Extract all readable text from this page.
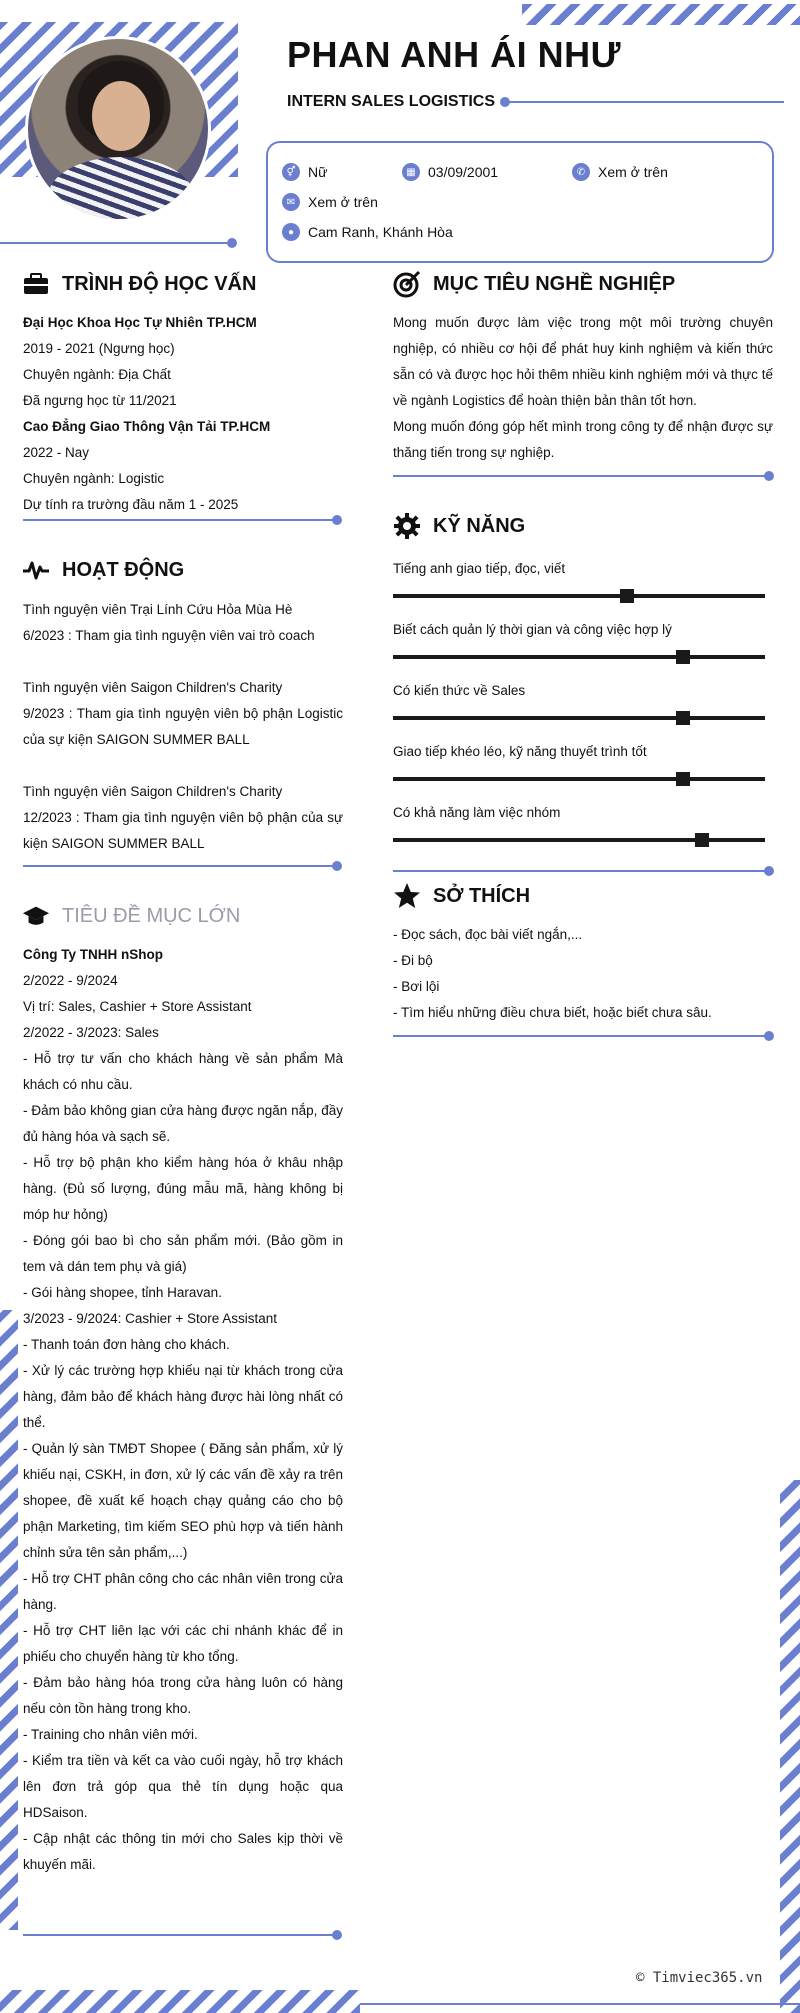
PHAN ANH ÁI NHƯ
INTERN SALES LOGISTICS
⚥ Nữ	▦ 03/09/2001	✆ Xem ở trên
✉ Xem ở trên
● Cam Ranh, Khánh Hòa
TRÌNH ĐỘ HỌC VẤN

Đại Học Khoa Học Tự Nhiên TP.HCM

2019 - 2021 (Ngưng học)

Chuyên ngành: Địa Chất

Đã ngưng học từ 11/2021

Cao Đẳng Giao Thông Vận Tải TP.HCM

2022 - Nay

Chuyên ngành: Logistic

Dự tính ra trường đầu năm 1 - 2025

HOẠT ĐỘNG

Tình nguyện viên Trại Lính Cứu Hỏa Mùa Hè

6/2023 : Tham gia tình nguyện viên vai trò coach

Tình nguyện viên Saigon Children's Charity

9/2023 : Tham gia tình nguyện viên bộ phận Logistic của sự kiện SAIGON SUMMER BALL

Tình nguyện viên Saigon Children's Charity

12/2023 : Tham gia tình nguyện viên bộ phận của sự kiện SAIGON SUMMER BALL

TIÊU ĐỀ MỤC LỚN

Công Ty TNHH nShop

2/2022 - 9/2024

Vị trí: Sales, Cashier + Store Assistant

2/2022 - 3/2023: Sales

- Hỗ trợ tư vấn cho khách hàng về sản phẩm Mà khách có nhu cầu.

- Đảm bảo không gian cửa hàng được ngăn nắp, đầy đủ hàng hóa và sạch sẽ.

- Hỗ trợ bộ phận kho kiểm hàng hóa ở khâu nhập hàng. (Đủ số lượng, đúng mẫu mã, hàng không bị móp hư hỏng)

- Đóng gói bao bì cho sản phẩm mới. (Bảo gồm in tem và dán tem phụ và giá)

- Gói hàng shopee, tỉnh Haravan.

3/2023 - 9/2024: Cashier + Store Assistant

- Thanh toán đơn hàng cho khách.

- Xử lý các trường hợp khiếu nại từ khách trong cửa hàng, đảm bảo để khách hàng được hài lòng nhất có thể.

- Quản lý sàn TMĐT Shopee ( Đăng sản phẩm, xử lý khiếu nại, CSKH, in đơn, xử lý các vấn đề xảy ra trên shopee, đề xuất kế hoạch chạy quảng cáo cho bộ phận Marketing, tìm kiếm SEO phù hợp và tiến hành chỉnh sửa tên sản phẩm,...)

- Hỗ trợ CHT phân công cho các nhân viên trong cửa hàng.

- Hỗ trợ CHT liên lạc với các chi nhánh khác để in phiếu cho chuyển hàng từ kho tổng.

- Đảm bảo hàng hóa trong cửa hàng luôn có hàng nếu còn tồn hàng trong kho.

- Training cho nhân viên mới.

- Kiểm tra tiền và kết ca vào cuối ngày, hỗ trợ khách lên đơn trả góp qua thẻ tín dụng hoặc qua HDSaison.

- Cập nhật các thông tin mới cho Sales kịp thời về khuyến mãi.

MỤC TIÊU NGHỀ NGHIỆP

Mong muốn được làm việc trong một môi trường chuyên nghiệp, có nhiều cơ hội để phát huy kinh nghiệm và kiến thức sẵn có và được học hỏi thêm nhiều kinh nghiệm mới và thực tế về ngành Logistics để hoàn thiện bản thân tốt hơn.

Mong muốn đóng góp hết mình trong công ty để nhận được sự thăng tiến trong sự nghiệp.

KỸ NĂNG
Tiếng anh giao tiếp, đọc, viết
Biết cách quản lý thời gian và công việc hợp lý
Có kiến thức về Sales
Giao tiếp khéo léo, kỹ năng thuyết trình tốt
Có khả năng làm việc nhóm
SỞ THÍCH

- Đọc sách, đọc bài viết ngắn,...

- Đi bộ

- Bơi lội

- Tìm hiểu những điều chưa biết, hoặc biết chưa sâu.

© Timviec365.vn
